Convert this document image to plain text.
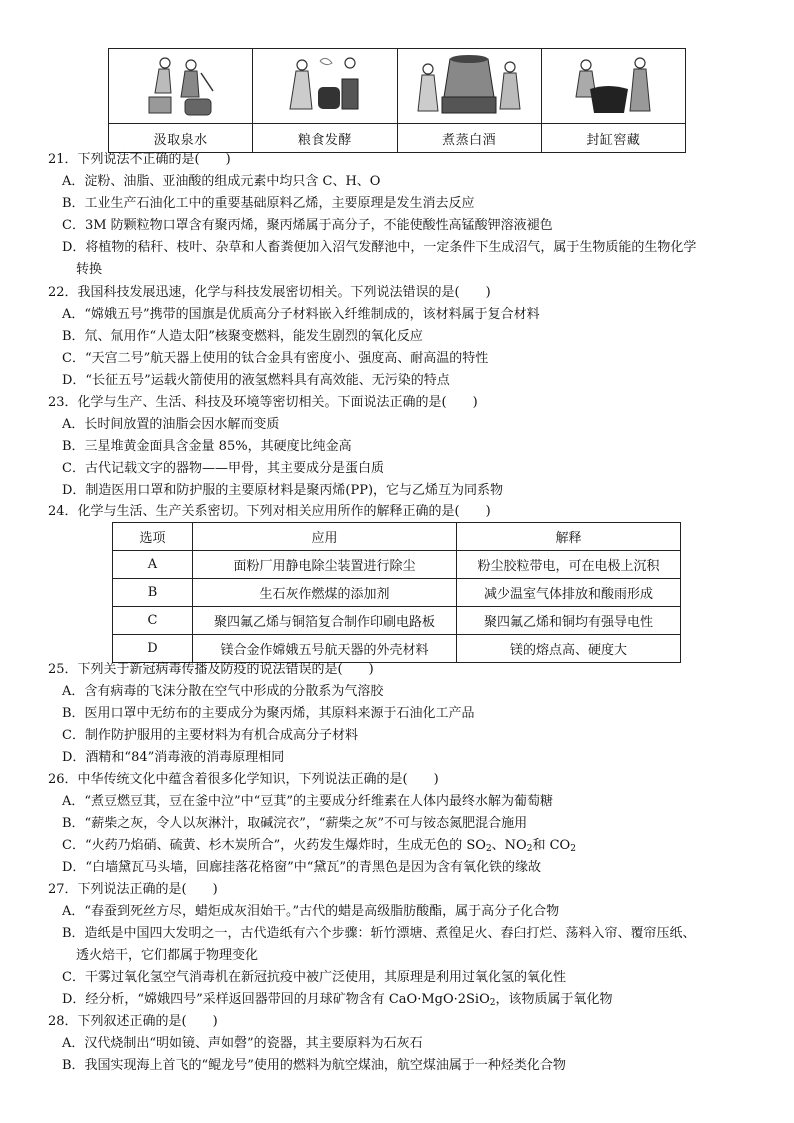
汲取泉水	粮食发酵	煮蒸白酒	封缸窖藏
21．下列说法不正确的是(　　)
A．淀粉、油脂、亚油酸的组成元素中均只含 C、H、O
B．工业生产石油化工中的重要基础原料乙烯，主要原理是发生消去反应
C．3M 防颗粒物口罩含有聚丙烯，聚丙烯属于高分子，不能使酸性高锰酸钾溶液褪色
D．将植物的秸秆、枝叶、杂草和人畜粪便加入沼气发酵池中，一定条件下生成沼气，属于生物质能的生物化学
转换
22．我国科技发展迅速，化学与科技发展密切相关。下列说法错误的是(　　)
A．“嫦娥五号”携带的国旗是优质高分子材料嵌入纤维制成的，该材料属于复合材料
B．氘、氚用作“人造太阳”核聚变燃料，能发生剧烈的氧化反应
C．“天宫二号”航天器上使用的钛合金具有密度小、强度高、耐高温的特性
D．“长征五号”运载火箭使用的液氢燃料具有高效能、无污染的特点
23．化学与生产、生活、科技及环境等密切相关。下面说法正确的是(　　)
A．长时间放置的油脂会因水解而变质
B．三星堆黄金面具含金量 85%，其硬度比纯金高
C．古代记载文字的器物——甲骨，其主要成分是蛋白质
D．制造医用口罩和防护服的主要原材料是聚丙烯(PP)，它与乙烯互为同系物
24．化学与生活、生产关系密切。下列对相关应用所作的解释正确的是(　　)
选项	应用	解释
A	面粉厂用静电除尘装置进行除尘	粉尘胶粒带电，可在电极上沉积
B	生石灰作燃煤的添加剂	减少温室气体排放和酸雨形成
C	聚四氟乙烯与铜箔复合制作印刷电路板	聚四氟乙烯和铜均有强导电性
D	镁合金作嫦娥五号航天器的外壳材料	镁的熔点高、硬度大
25．下列关于新冠病毒传播及防疫的说法错误的是(　　)
A．含有病毒的飞沫分散在空气中形成的分散系为气溶胶
B．医用口罩中无纺布的主要成分为聚丙烯，其原料来源于石油化工产品
C．制作防护服用的主要材料为有机合成高分子材料
D．酒精和“84”消毒液的消毒原理相同
26．中华传统文化中蕴含着很多化学知识，下列说法正确的是(　　)
A．“煮豆燃豆萁，豆在釜中泣”中“豆萁”的主要成分纤维素在人体内最终水解为葡萄糖
B．“薪柴之灰，令人以灰淋汁，取碱浣衣”，“薪柴之灰”不可与铵态氮肥混合施用
C．“火药乃焰硝、硫黄、杉木炭所合”，火药发生爆炸时，生成无色的 $SO_2$、$NO_2$和 $CO_2$
D．“白墙黛瓦马头墙，回廊挂落花格窗”中“黛瓦”的青黑色是因为含有氧化铁的缘故
27．下列说法正确的是(　　)
A．“春蚕到死丝方尽，蜡炬成灰泪始干。”古代的蜡是高级脂肪酸酯，属于高分子化合物
B．造纸是中国四大发明之一，古代造纸有六个步骤：斩竹漂塘、煮徨足火、舂臼打烂、荡料入帘、覆帘压纸、
透火焙干，它们都属于物理变化
C．干雾过氧化氢空气消毒机在新冠抗疫中被广泛使用，其原理是利用过氧化氢的氧化性
D．经分析，“嫦娥四号”采样返回器带回的月球矿物含有 CaO·MgO·2SiO$_2$，该物质属于氧化物
28．下列叙述正确的是(　　)
A．汉代烧制出“明如镜、声如磬”的瓷器，其主要原料为石灰石
B．我国实现海上首飞的“鲲龙号”使用的燃料为航空煤油，航空煤油属于一种烃类化合物
